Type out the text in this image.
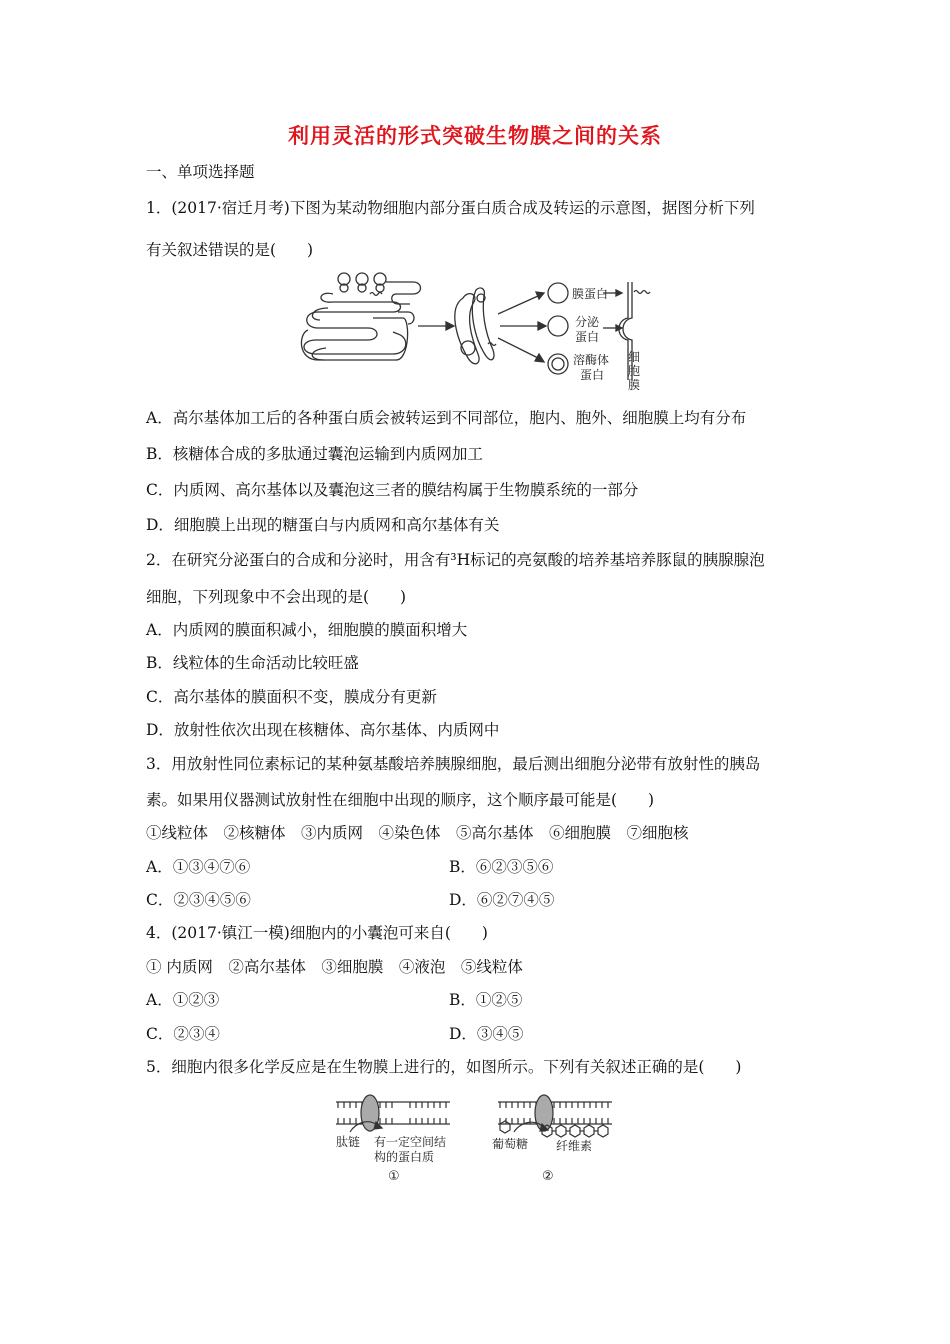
利用灵活的形式突破生物膜之间的关系
一、单项选择题
1．(2017·宿迁月考)下图为某动物细胞内部分蛋白质合成及转运的示意图，据图分析下列
有关叙述错误的是(　　)
膜蛋白
分泌
蛋白
溶酶体
蛋白
细
胞
膜
A．高尔基体加工后的各种蛋白质会被转运到不同部位，胞内、胞外、细胞膜上均有分布
B．核糖体合成的多肽通过囊泡运输到内质网加工
C．内质网、高尔基体以及囊泡这三者的膜结构属于生物膜系统的一部分
D．细胞膜上出现的糖蛋白与内质网和高尔基体有关
2．在研究分泌蛋白的合成和分泌时，用含有³H标记的亮氨酸的培养基培养豚鼠的胰腺腺泡
细胞，下列现象中不会出现的是(　　)
A．内质网的膜面积减小，细胞膜的膜面积增大
B．线粒体的生命活动比较旺盛
C．高尔基体的膜面积不变，膜成分有更新
D．放射性依次出现在核糖体、高尔基体、内质网中
3．用放射性同位素标记的某种氨基酸培养胰腺细胞，最后测出细胞分泌带有放射性的胰岛
素。如果用仪器测试放射性在细胞中出现的顺序，这个顺序最可能是(　　)
①线粒体　②核糖体　③内质网　④染色体　⑤高尔基体　⑥细胞膜　⑦细胞核
A．①③④⑦⑥	B．⑥②③⑤⑥
C．②③④⑤⑥	D．⑥②⑦④⑤
4．(2017·镇江一模)细胞内的小囊泡可来自(　　)
① 内质网　②高尔基体　③细胞膜　④液泡　⑤线粒体
A．①②③	B．①②⑤
C．②③④	D．③④⑤
5．细胞内很多化学反应是在生物膜上进行的，如图所示。下列有关叙述正确的是(　　)
肽链 有一定空间结
构的蛋白质
①
葡萄糖 纤维素
②
